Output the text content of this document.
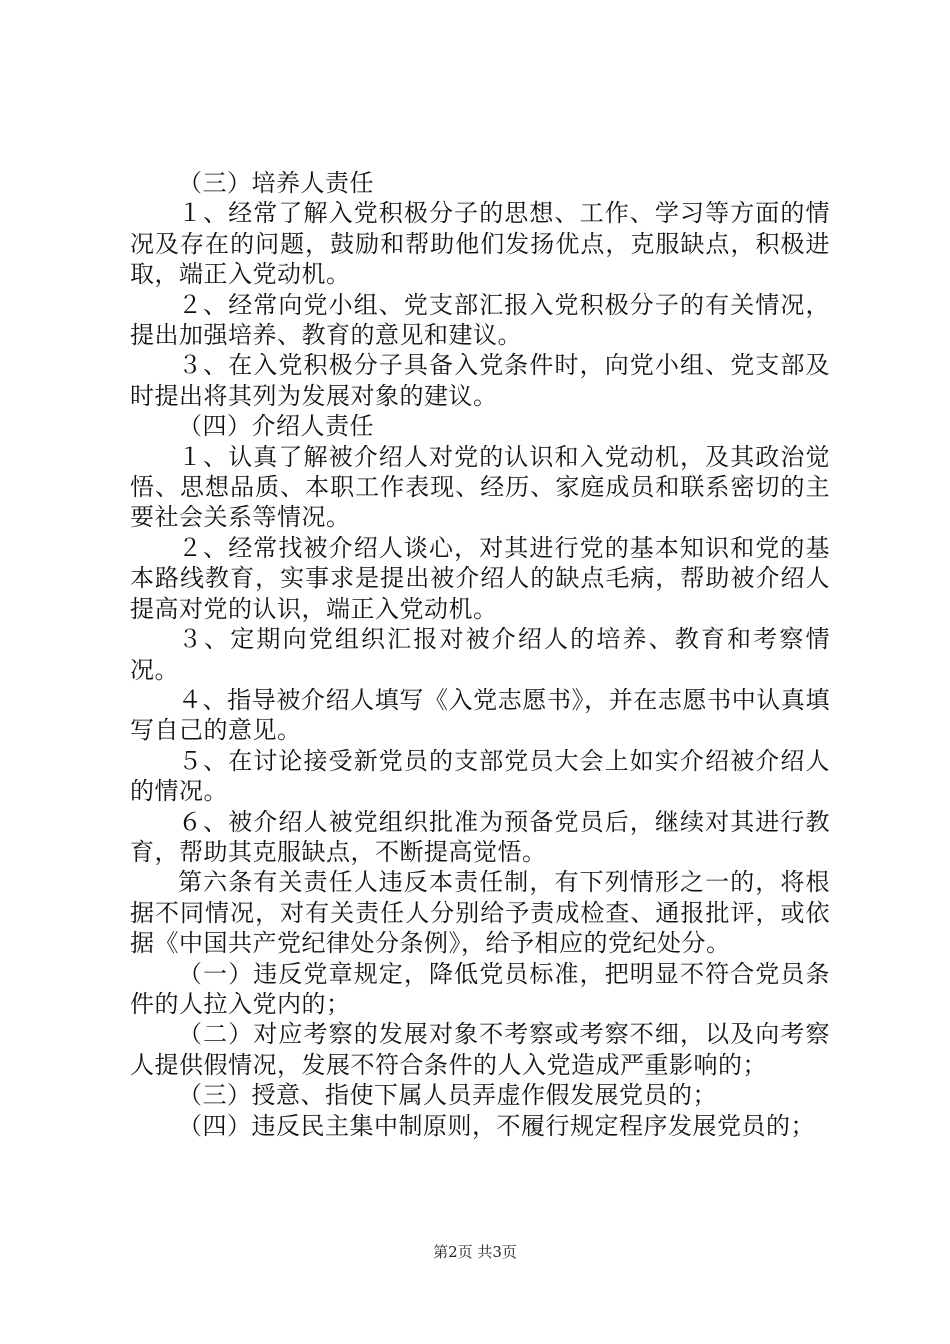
（三）培养人责任

１、经常了解入党积极分子的思想、工作、学习等方面的情况及存在的问题，鼓励和帮助他们发扬优点，克服缺点，积极进取，端正入党动机。

２、经常向党小组、党支部汇报入党积极分子的有关情况，提出加强培养、教育的意见和建议。

３、在入党积极分子具备入党条件时，向党小组、党支部及时提出将其列为发展对象的建议。

（四）介绍人责任

１、认真了解被介绍人对党的认识和入党动机，及其政治觉悟、思想品质、本职工作表现、经历、家庭成员和联系密切的主要社会关系等情况。

２、经常找被介绍人谈心，对其进行党的基本知识和党的基本路线教育，实事求是提出被介绍人的缺点毛病，帮助被介绍人提高对党的认识，端正入党动机。

３、定期向党组织汇报对被介绍人的培养、教育和考察情况。

４、指导被介绍人填写《入党志愿书》，并在志愿书中认真填写自己的意见。

５、在讨论接受新党员的支部党员大会上如实介绍被介绍人的情况。

６、被介绍人被党组织批准为预备党员后，继续对其进行教育，帮助其克服缺点，不断提高觉悟。

第六条有关责任人违反本责任制，有下列情形之一的，将根据不同情况，对有关责任人分别给予责成检查、通报批评，或依据《中国共产党纪律处分条例》，给予相应的党纪处分。

（一）违反党章规定，降低党员标准，把明显不符合党员条件的人拉入党内的；

（二）对应考察的发展对象不考察或考察不细，以及向考察人提供假情况，发展不符合条件的人入党造成严重影响的；

（三）授意、指使下属人员弄虚作假发展党员的；

（四）违反民主集中制原则，不履行规定程序发展党员的；

第2页 共3页
